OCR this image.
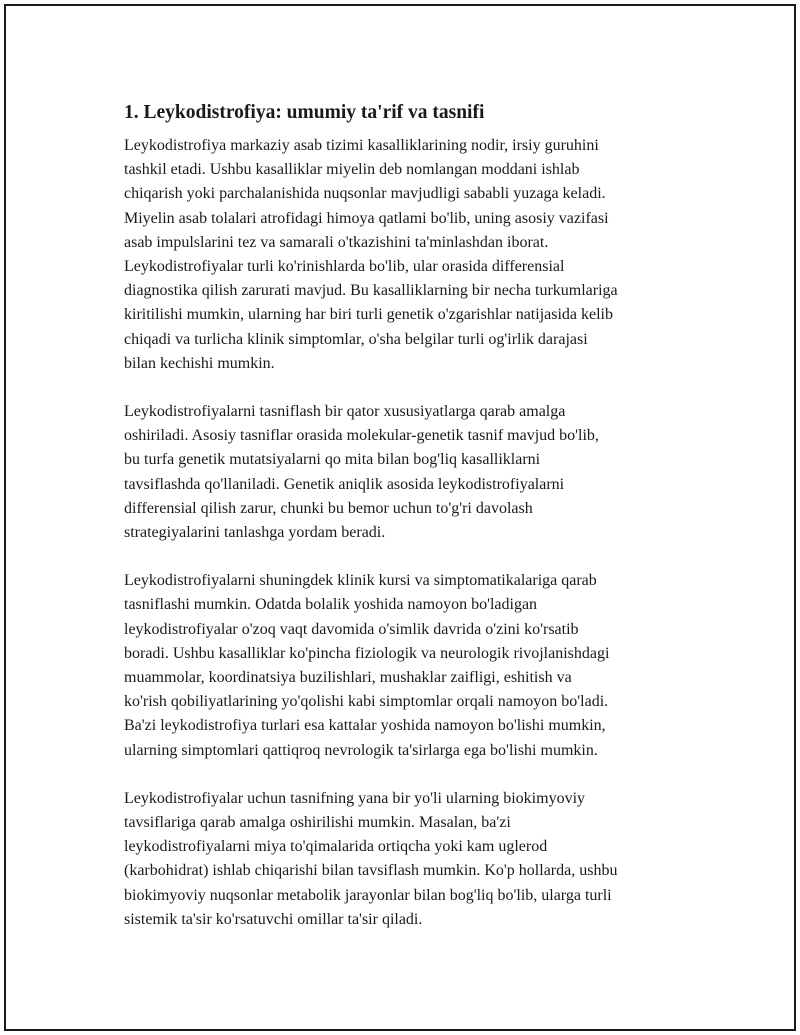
1. Leykodistrofiya: umumiy ta'rif va tasnifi

Leykodistrofiya markaziy asab tizimi kasalliklarining nodir, irsiy guruhini
tashkil etadi. Ushbu kasalliklar miyelin deb nomlangan moddani ishlab
chiqarish yoki parchalanishida nuqsonlar mavjudligi sababli yuzaga keladi.
Miyelin asab tolalari atrofidagi himoya qatlami bo'lib, uning asosiy vazifasi
asab impulslarini tez va samarali o'tkazishini ta'minlashdan iborat.
Leykodistrofiyalar turli ko'rinishlarda bo'lib, ular orasida differensial
diagnostika qilish zarurati mavjud. Bu kasalliklarning bir necha turkumlariga
kiritilishi mumkin, ularning har biri turli genetik o'zgarishlar natijasida kelib
chiqadi va turlicha klinik simptomlar, o'sha belgilar turli og'irlik darajasi
bilan kechishi mumkin.

Leykodistrofiyalarni tasniflash bir qator xususiyatlarga qarab amalga
oshiriladi. Asosiy tasniflar orasida molekular-genetik tasnif mavjud bo'lib,
bu turfa genetik mutatsiyalarni qo mita bilan bog'liq kasalliklarni
tavsiflashda qo'llaniladi. Genetik aniqlik asosida leykodistrofiyalarni
differensial qilish zarur, chunki bu bemor uchun to'g'ri davolash
strategiyalarini tanlashga yordam beradi.

Leykodistrofiyalarni shuningdek klinik kursi va simptomatikalariga qarab
tasniflashi mumkin. Odatda bolalik yoshida namoyon bo'ladigan
leykodistrofiyalar o'zoq vaqt davomida o'simlik davrida o'zini ko'rsatib
boradi. Ushbu kasalliklar ko'pincha fiziologik va neurologik rivojlanishdagi
muammolar, koordinatsiya buzilishlari, mushaklar zaifligi, eshitish va
ko'rish qobiliyatlarining yo'qolishi kabi simptomlar orqali namoyon bo'ladi.
Ba'zi leykodistrofiya turlari esa kattalar yoshida namoyon bo'lishi mumkin,
ularning simptomlari qattiqroq nevrologik ta'sirlarga ega bo'lishi mumkin.

Leykodistrofiyalar uchun tasnifning yana bir yo'li ularning biokimyoviy
tavsiflariga qarab amalga oshirilishi mumkin. Masalan, ba'zi
leykodistrofiyalarni miya to'qimalarida ortiqcha yoki kam uglerod
(karbohidrat) ishlab chiqarishi bilan tavsiflash mumkin. Ko'p hollarda, ushbu
biokimyoviy nuqsonlar metabolik jarayonlar bilan bog'liq bo'lib, ularga turli
sistemik ta'sir ko'rsatuvchi omillar ta'sir qiladi.
